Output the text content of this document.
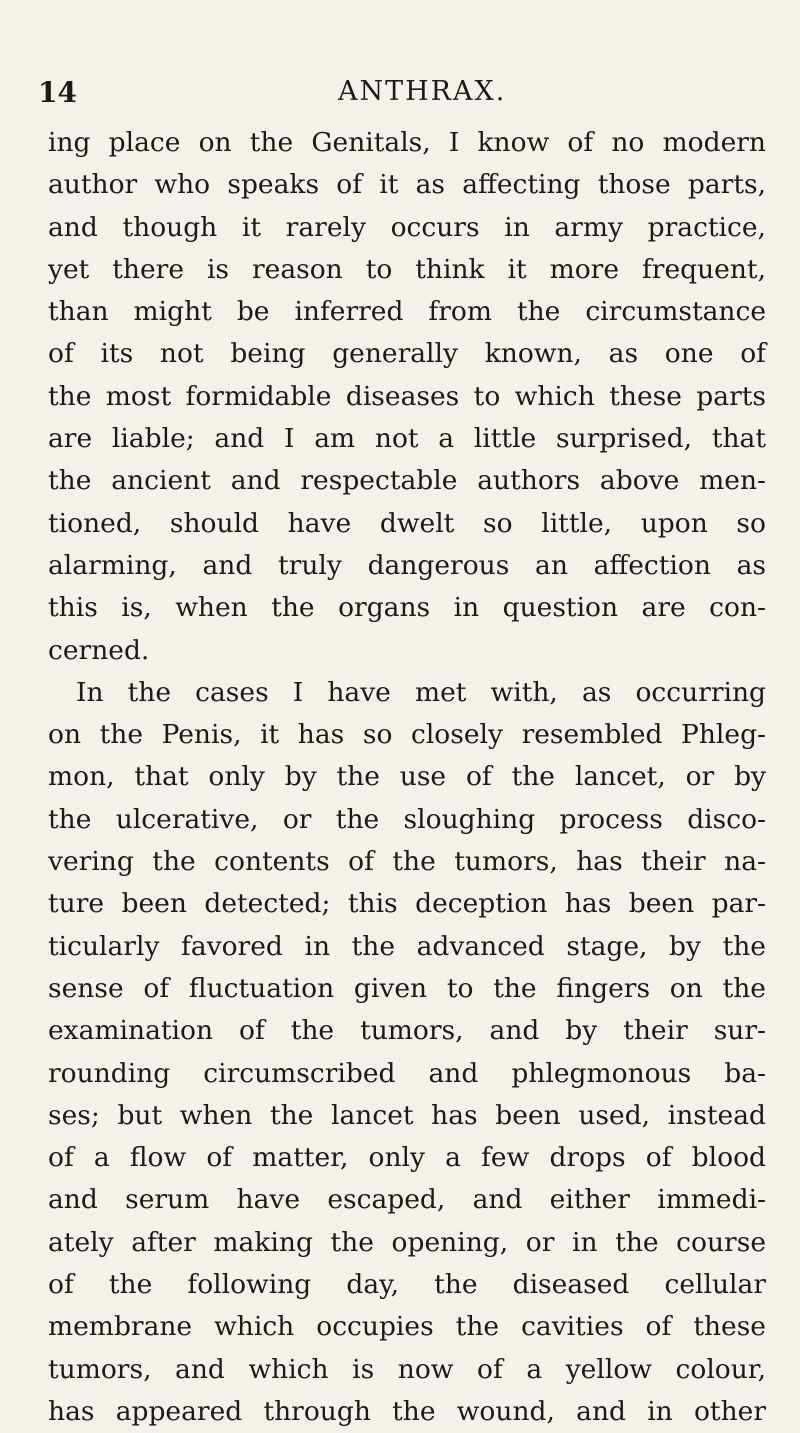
14	ANTHRAX.
ing place on the Genitals, I know of no modern
author who speaks of it as affecting those parts,
and though it rarely occurs in army practice,
yet there is reason to think it more frequent,
than might be inferred from the circumstance
of its not being generally known, as one of
the most formidable diseases to which these parts
are liable; and I am not a little surprised, that
the ancient and respectable authors above men-
tioned, should have dwelt so little, upon so
alarming, and truly dangerous an affection as
this is, when the organs in question are con-
cerned.
In the cases I have met with, as occurring
on the Penis, it has so closely resembled Phleg-
mon, that only by the use of the lancet, or by
the ulcerative, or the sloughing process disco-
vering the contents of the tumors, has their na-
ture been detected; this deception has been par-
ticularly favored in the advanced stage, by the
sense of fluctuation given to the fingers on the
examination of the tumors, and by their sur-
rounding circumscribed and phlegmonous ba-
ses; but when the lancet has been used, instead
of a flow of matter, only a few drops of blood
and serum have escaped, and either immedi-
ately after making the opening, or in the course
of the following day, the diseased cellular
membrane which occupies the cavities of these
tumors, and which is now of a yellow colour,
has appeared through the wound, and in other
